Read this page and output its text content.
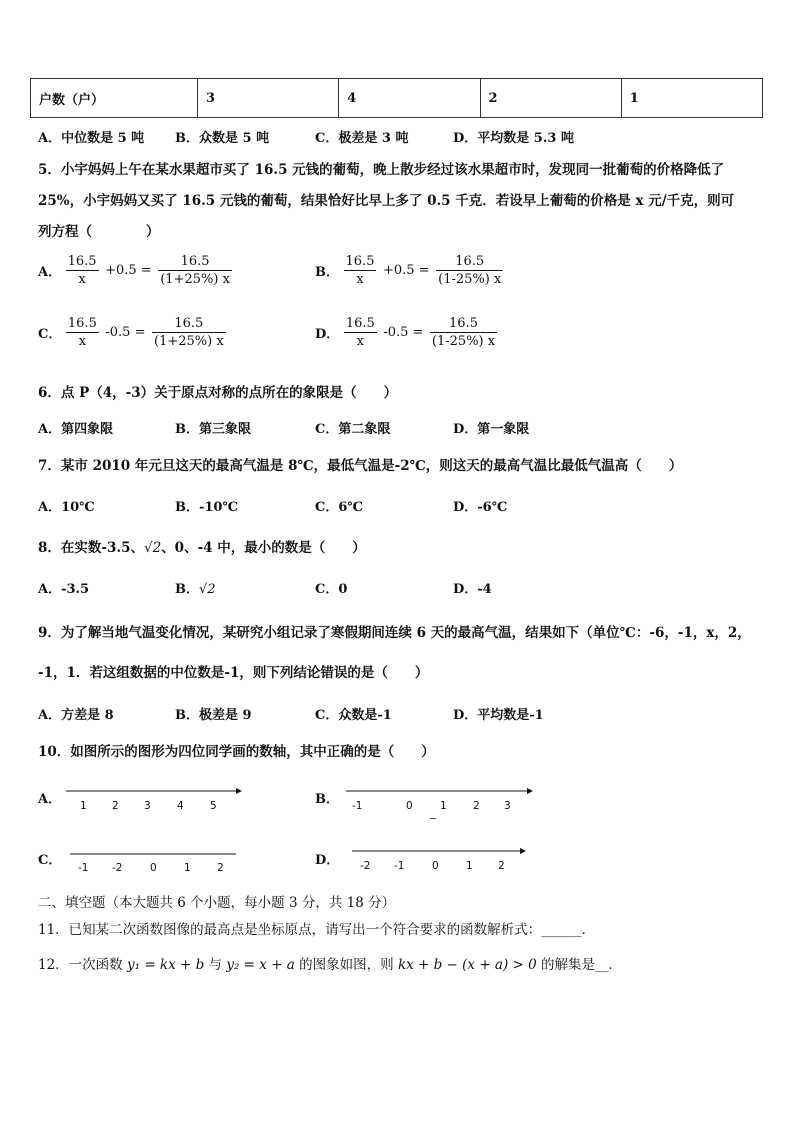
户数（户）	3	4	2	1
A．中位数是 5 吨 B．众数是 5 吨	C．极差是 3 吨	D．平均数是 5.3 吨
5．小宇妈妈上午在某水果超市买了 16.5 元钱的葡萄，晚上散步经过该水果超市时，发现同一批葡萄的价格降低了
25%，小宇妈妈又买了 16.5 元钱的葡萄，结果恰好比早上多了 0.5 千克．若设早上葡萄的价格是 x 元/千克，则可
列方程（　　　　）
A． $\frac{16.5}{x} +0.5 = \frac{16.5}{(1+25\%) x}$	B． $\frac{16.5}{x} +0.5 = \frac{16.5}{(1-25\%) x}$
C． $\frac{16.5}{x} -0.5 = \frac{16.5}{(1+25\%) x}$	D． $\frac{16.5}{x} -0.5 = \frac{16.5}{(1-25\%) x}$
6．点 P（4，-3）关于原点对称的点所在的象限是（　　）
A．第四象限	B．第三象限	C．第二象限	D．第一象限
7．某市 2010 年元旦这天的最高气温是 8℃，最低气温是-2℃，则这天的最高气温比最低气温高（　　）
A．10℃	B．-10℃	C．6℃	D．-6℃
8．在实数-3.5、√2、0、-4 中，最小的数是（　　）
A．-3.5	B．√2	C．0	D．-4
9．为了解当地气温变化情况，某研究小组记录了寒假期间连续 6 天的最高气温，结果如下（单位℃：-6，-1，x，2，
-1，1．若这组数据的中位数是-1，则下列结论错误的是（　　）
A．方差是 8	B．极差是 9	C．众数是-1	D．平均数是-1
10．如图所示的图形为四位同学画的数轴，其中正确的是（　　）
A． 1 2 3	4	5	B． -1	0	1	2 3
C． -1 -2	0	1	2	D． -2 -1	0	1 2
二、填空题（本大题共 6 个小题，每小题 3 分，共 18 分）
11．已知某二次函数图像的最高点是坐标原点，请写出一个符合要求的函数解析式：______．
12．一次函数 y₁ = kx + b 与 y₂ = x + a 的图象如图，则 kx + b − (x + a) > 0 的解集是__．
